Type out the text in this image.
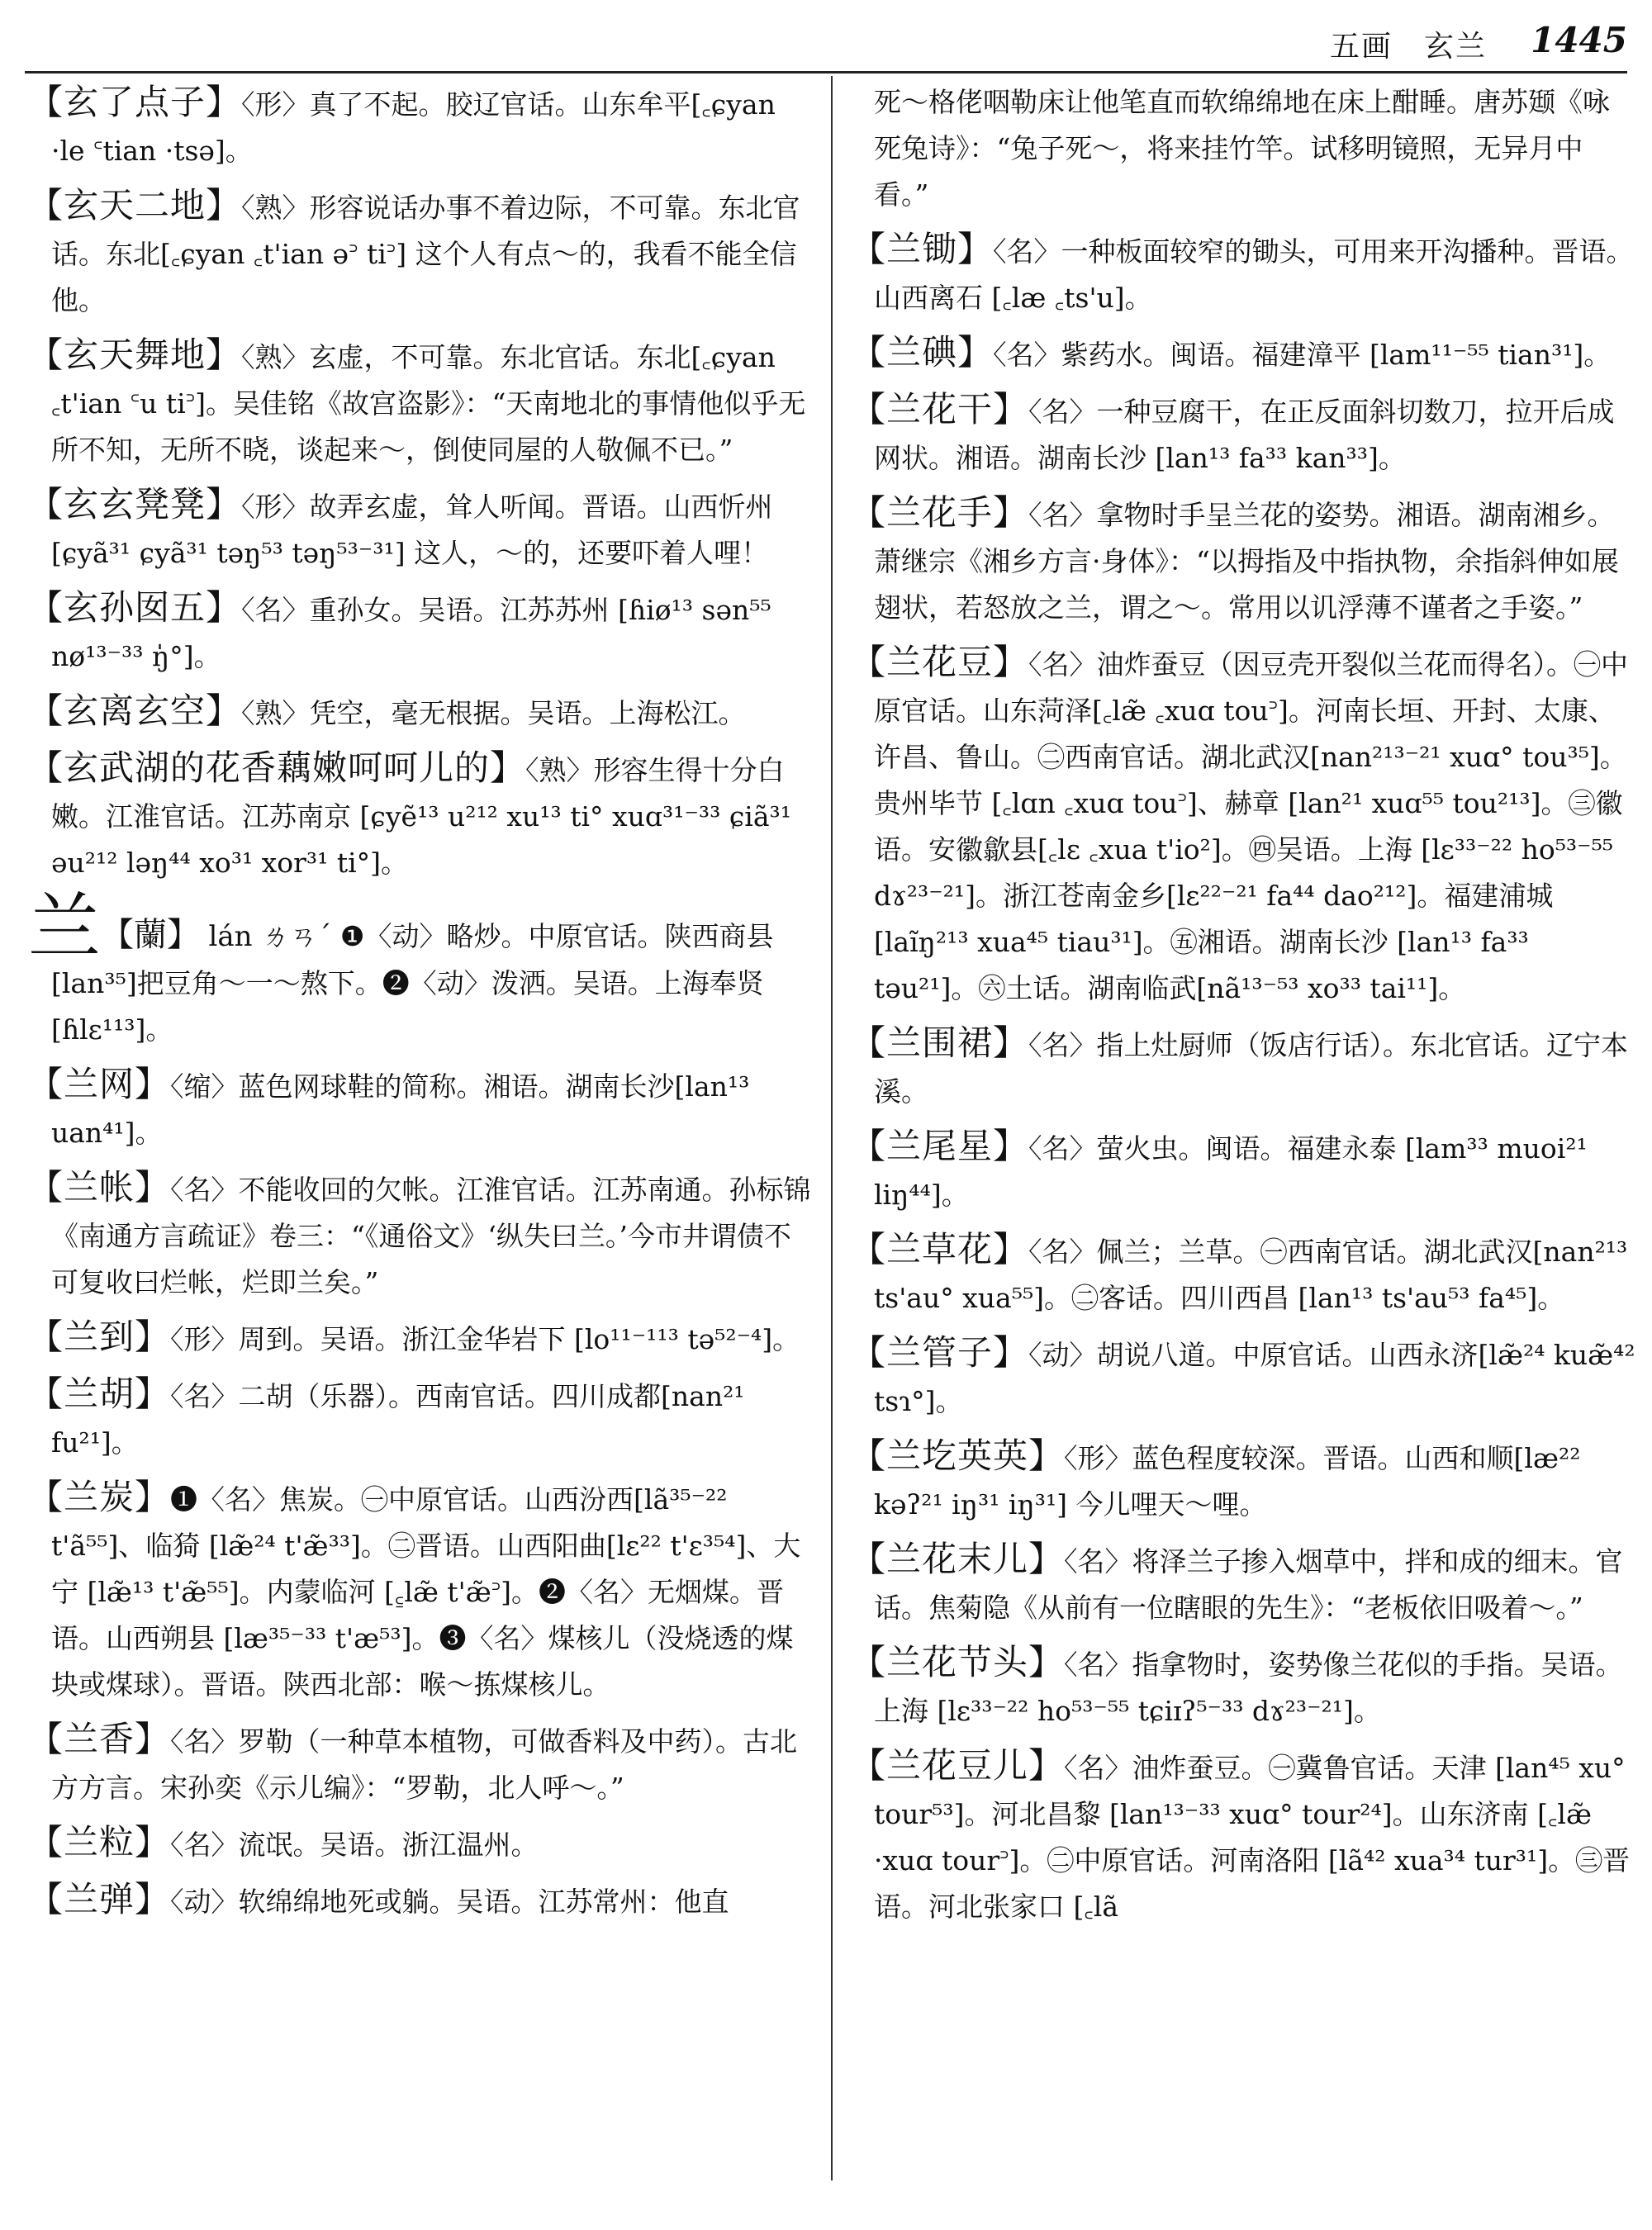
五画　玄兰 1445

【玄了点子】〈形〉真了不起。胶辽官话。山东牟平[꜀ɕyan ·le ꜂tian ·tsə]。

【玄天二地】〈熟〉形容说话办事不着边际，不可靠。东北官话。东北[꜀ɕyan ꜀t'ian ə꜄ ti꜄] 这个人有点～的，我看不能全信他。

【玄天舞地】〈熟〉玄虚，不可靠。东北官话。东北[꜀ɕyan ꜀t'ian ꜂u ti꜄]。吴佳铭《故宫盗影》：“天南地北的事情他似乎无所不知，无所不晓，谈起来～，倒使同屋的人敬佩不已。”

【玄玄凳凳】〈形〉故弄玄虚，耸人听闻。晋语。山西忻州 [ɕyã³¹ ɕyã³¹ təŋ⁵³ təŋ⁵³⁻³¹] 这人，～的，还要吓着人哩！

【玄孙囡五】〈名〉重孙女。吴语。江苏苏州 [ɦiø¹³ sən⁵⁵ nø¹³⁻³³ ŋ̍°]。

【玄离玄空】〈熟〉凭空，毫无根据。吴语。上海松江。

【玄武湖的花香藕嫩呵呵儿的】〈熟〉形容生得十分白嫩。江淮官话。江苏南京 [ɕyẽ¹³ u²¹² xu¹³ ti° xuɑ³¹⁻³³ ɕiã³¹ əu²¹² ləŋ⁴⁴ xo³¹ xor³¹ ti°]。

兰【蘭】 lán ㄌㄢˊ ❶〈动〉略炒。中原官话。陕西商县[lan³⁵]把豆角～一～熬下。❷〈动〉泼洒。吴语。上海奉贤[ɦlɛ¹¹³]。

【兰网】〈缩〉蓝色网球鞋的简称。湘语。湖南长沙[lan¹³ uan⁴¹]。

【兰帐】〈名〉不能收回的欠帐。江淮官话。江苏南通。孙标锦《南通方言疏证》卷三：“《通俗文》‘纵失曰兰。’今市井谓债不可复收曰烂帐，烂即兰矣。”

【兰到】〈形〉周到。吴语。浙江金华岩下 [lo¹¹⁻¹¹³ tə⁵²⁻⁴]。

【兰胡】〈名〉二胡（乐器）。西南官话。四川成都[nan²¹ fu²¹]。

【兰炭】❶〈名〉焦炭。㊀中原官话。山西汾西[lã³⁵⁻²² t'ã⁵⁵]、临猗 [læ̃²⁴ t'æ̃³³]。㊁晋语。山西阳曲[lɛ²² t'ɛ³⁵⁴]、大宁 [læ̃¹³ t'æ̃⁵⁵]。内蒙临河 [꜁læ̃ t'æ̃꜄]。❷〈名〉无烟煤。晋语。山西朔县 [læ³⁵⁻³³ t'æ⁵³]。❸〈名〉煤核儿（没烧透的煤块或煤球）。晋语。陕西北部：喉～拣煤核儿。

【兰香】〈名〉罗勒（一种草本植物，可做香料及中药）。古北方方言。宋孙奕《示儿编》：“罗勒，北人呼～。”

【兰粒】〈名〉流氓。吴语。浙江温州。

【兰弹】〈动〉软绵绵地死或躺。吴语。江苏常州：他直

死～格佬咽勒床让他笔直而软绵绵地在床上酣睡。唐苏颋《咏死兔诗》：“兔子死～，将来挂竹竿。试移明镜照，无异月中看。”

【兰锄】〈名〉一种板面较窄的锄头，可用来开沟播种。晋语。山西离石 [꜀læ ꜀ts'u]。

【兰碘】〈名〉紫药水。闽语。福建漳平 [lam¹¹⁻⁵⁵ tian³¹]。

【兰花干】〈名〉一种豆腐干，在正反面斜切数刀，拉开后成网状。湘语。湖南长沙 [lan¹³ fa³³ kan³³]。

【兰花手】〈名〉拿物时手呈兰花的姿势。湘语。湖南湘乡。萧继宗《湘乡方言·身体》：“以拇指及中指执物，余指斜伸如展翅状，若怒放之兰，谓之～。常用以讥浮薄不谨者之手姿。”

【兰花豆】〈名〉油炸蚕豆（因豆壳开裂似兰花而得名）。㊀中原官话。山东菏泽[꜀læ̃ ꜀xuɑ tou꜄]。河南长垣、开封、太康、许昌、鲁山。㊁西南官话。湖北武汉[nan²¹³⁻²¹ xuɑ° tou³⁵]。贵州毕节 [꜀lɑn ꜀xuɑ tou꜄]、赫章 [lan²¹ xuɑ⁵⁵ tou²¹³]。㊂徽语。安徽歙县[꜀lɛ ꜀xua t'io²]。㊃吴语。上海 [lɛ³³⁻²² ho⁵³⁻⁵⁵ dɤ²³⁻²¹]。浙江苍南金乡[lɛ²²⁻²¹ fa⁴⁴ dao²¹²]。福建浦城[laĩŋ²¹³ xua⁴⁵ tiau³¹]。㊄湘语。湖南长沙 [lan¹³ fa³³ təu²¹]。㊅土话。湖南临武[nã¹³⁻⁵³ xo³³ tai¹¹]。

【兰围裙】〈名〉指上灶厨师（饭店行话）。东北官话。辽宁本溪。

【兰尾星】〈名〉萤火虫。闽语。福建永泰 [lam³³ muoi²¹ liŋ⁴⁴]。

【兰草花】〈名〉佩兰；兰草。㊀西南官话。湖北武汉[nan²¹³ ts'au° xua⁵⁵]。㊁客话。四川西昌 [lan¹³ ts'au⁵³ fa⁴⁵]。

【兰管子】〈动〉胡说八道。中原官话。山西永济[læ̃²⁴ kuæ̃⁴² tsɿ°]。

【兰圪英英】〈形〉蓝色程度较深。晋语。山西和顺[læ²² kəʔ²¹ iŋ³¹ iŋ³¹] 今儿哩天～哩。

【兰花末儿】〈名〉将泽兰子掺入烟草中，拌和成的细末。官话。焦菊隐《从前有一位瞎眼的先生》：“老板依旧吸着～。”

【兰花节头】〈名〉指拿物时，姿势像兰花似的手指。吴语。上海 [lɛ³³⁻²² ho⁵³⁻⁵⁵ tɕiɪʔ⁵⁻³³ dɤ²³⁻²¹]。

【兰花豆儿】〈名〉油炸蚕豆。㊀冀鲁官话。天津 [lan⁴⁵ xu° tour⁵³]。河北昌黎 [lan¹³⁻³³ xuɑ° tour²⁴]。山东济南 [꜀læ̃ ·xuɑ tour꜄]。㊁中原官话。河南洛阳 [lã⁴² xua³⁴ tur³¹]。㊂晋语。河北张家口 [꜀lã
